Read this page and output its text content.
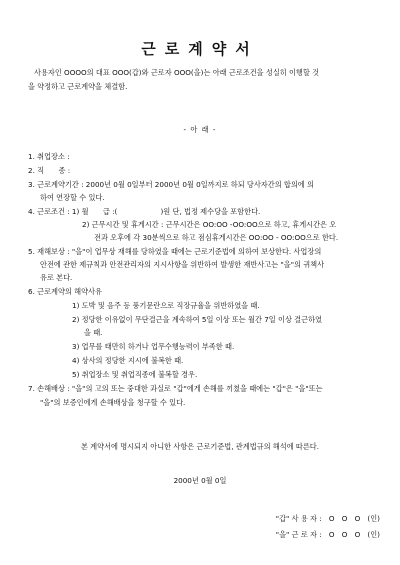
근로계약서
사용자인 OOOO의 대표 OOO(갑)와 근로자 OOO(을)는 아래 근로조건을 성실히 이행할 것
을 약정하고 근로계약을 체결함.
- 아 래 -
1. 취업장소 :
2. 직　　종 :
3. 근로계약기간 : 2000년 0월 0일부터 2000년 0월 0일까지로 하되 당사자간의 합의에 의
하여 연장할 수 있다.
4. 근로조건 : 1) 월　　급 :(　　　　　　)원 단, 법정 제수당을 포함한다.
2) 근무시간 및 휴게시간 : 근무시간은 OO:OO -OO:OO으로 하고, 휴게시간은 오
전과 오후에 각 30분씩으로 하고 점심휴게시간은 OO:OO - OO:OO으로 한다.
5. 재해보상 : "을"이 업무상 재해를 당하였을 때에는 근로기준법에 의하여 보상한다. 사업장의
안전에 관한 제규칙과 안전관리자의 지시사항을 위반하여 발생한 재반사고는 "을"의 귀책사
유로 본다.
6. 근로계약의 해약사유
1) 도박 및 음주 등 풍기문란으로 직장규율을 위반하였을 때.
2) 정당한 이유없이 무단결근을 계속하여 5일 이상 또는 월간 7일 이상 결근하였
을 때.
3) 업무를 태만히 하거나 업무수행능력이 부족한 때.
4) 상사의 정당한 지시에 불복한 때.
5) 취업장소 및 취업직종에 불복할 경우.
7. 손해배상 : "을"의 고의 또는 중대한 과실로 "갑"에게 손해를 끼쳤을 때에는 "갑"은 "을"또는
"을"의 보증인에게 손해배상을 청구할 수 있다.
본 계약서에 명시되지 아니한 사항은 근로기준법, 관계법규의 해석에 따른다.
2000년 0월 0일
"갑" 사 용 자 :　O　O　O　(인)
"을" 근 로 자 :　O　O　O　(인)
